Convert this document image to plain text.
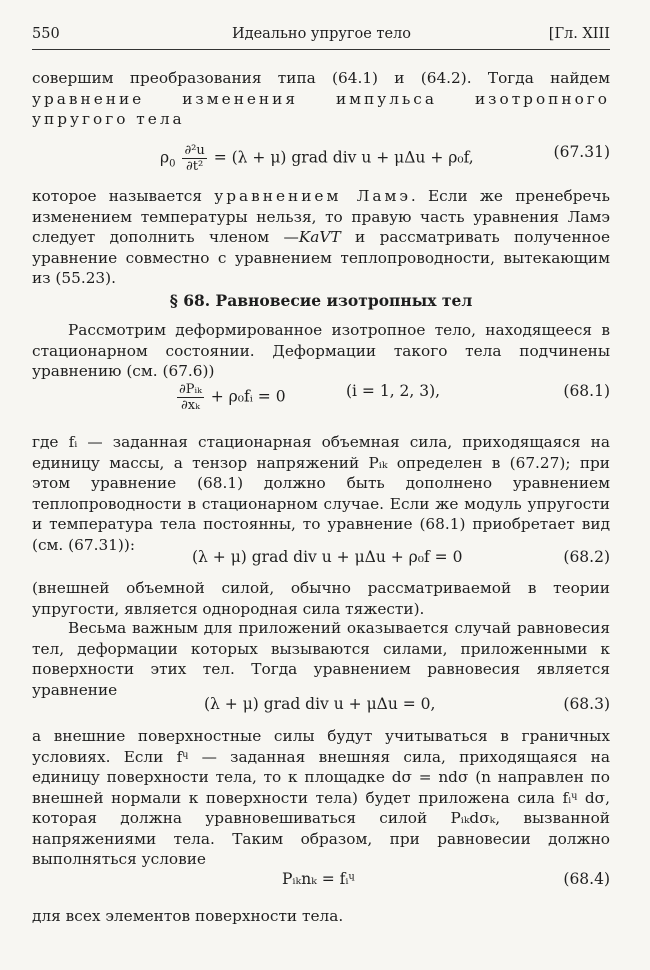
550	Идеально упругое тело	[Гл. XIII
совершим преобразования типа (64.1) и (64.2). Тогда найдем
уравнение изменения импульса изотропного
упругого тела
$\rho_0 \frac{\text{∂²u}}{\text{∂t²}} = (\lambda + \mu)$ grad div u + μΔu + ρ₀f,	(67.31)

которое называется уравнением Ламэ. Если же пренебречь изменением температуры нельзя, то правую часть уравнения Ламэ следует дополнить членом —KaVT и рассматривать полученное уравнение совместно с уравнением теплопроводности, вытекающим из (55.23).

§ 68. Равновесие изотропных тел

Рассмотрим деформированное изотропное тело, находящееся в стационарном состоянии. Деформации такого тела подчинены уравнению (см. (67.6))

$\frac{\text{∂Pᵢₖ}}{\text{∂xₖ}}$ + ρ₀fᵢ = 0	(i = 1, 2, 3),	(68.1)

где fᵢ — заданная стационарная объемная сила, приходящаяся на единицу массы, а тензор напряжений Pᵢₖ определен в (67.27); при этом уравнение (68.1) должно быть дополнено уравнением теплопроводности в стационарном случае. Если же модуль упругости и температура тела постоянны, то уравнение (68.1) приобретает вид (см. (67.31)):

(λ + μ) grad div u + μΔu + ρ₀f = 0	(68.2)

(внешней объемной силой, обычно рассматриваемой в теории упругости, является однородная сила тяжести).

Весьма важным для приложений оказывается случай равновесия тел, деформации которых вызываются силами, приложенными к поверхности этих тел. Тогда уравнением равновесия является уравнение

(λ + μ) grad div u + μΔu = 0,	(68.3)

а внешние поверхностные силы будут учитываться в граничных условиях. Если fᶣ — заданная внешняя сила, приходящаяся на единицу поверхности тела, то к площадке dσ = ndσ (n направлен по внешней нормали к поверхности тела) будет приложена сила fᵢᶣ dσ, которая должна уравновешиваться силой Pᵢₖdσₖ, вызванной напряжениями тела. Таким образом, при равновесии должно выполняться условие

Pᵢₖnₖ = fᵢᶣ	(68.4)

для всех элементов поверхности тела.
